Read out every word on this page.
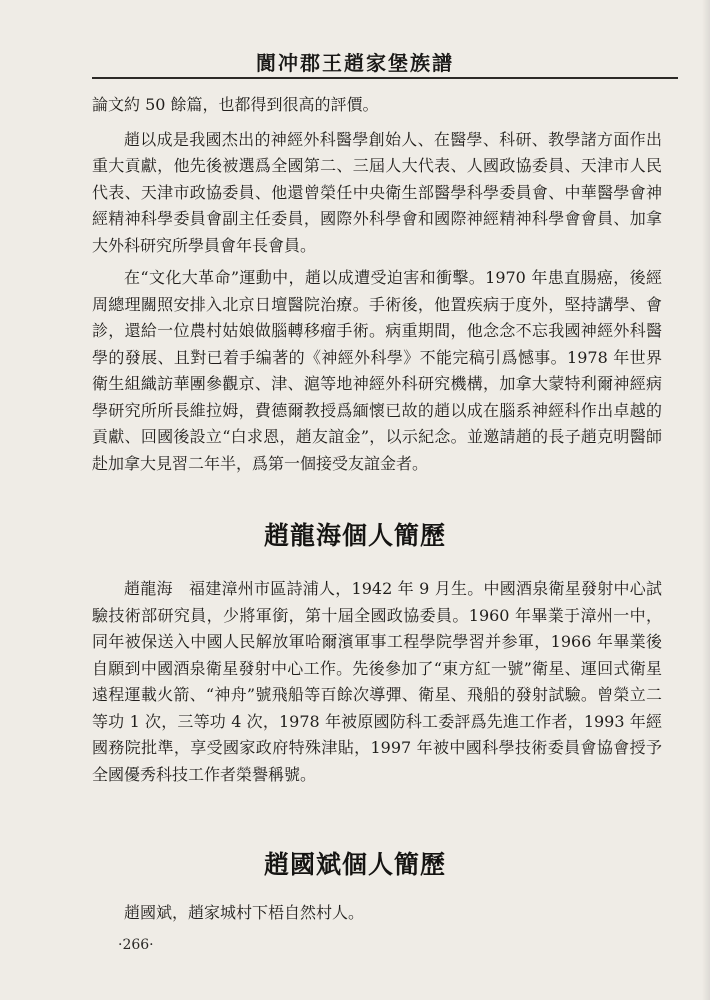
閬冲郡王趙家堡族譜

論文約 50 餘篇，也都得到很高的評價。

趙以成是我國杰出的神經外科醫學創始人、在醫學、科研、教學諸方面作出重大貢獻，他先後被選爲全國第二、三屆人大代表、人國政協委員、天津市人民代表、天津市政協委員、他還曾榮任中央衛生部醫學科學委員會、中華醫學會神經精神科學委員會副主任委員，國際外科學會和國際神經精神科學會會員、加拿大外科研究所學員會年長會員。

在“文化大革命”運動中，趙以成遭受迫害和衝擊。1970 年患直腸癌，後經周總理關照安排入北京日壇醫院治療。手術後，他置疾病于度外，堅持講學、會診，還給一位農村姑娘做腦轉移瘤手術。病重期間，他念念不忘我國神經外科醫學的發展、且對已着手编著的《神經外科學》不能完稿引爲憾事。1978 年世界衛生組織訪華團參觀京、津、滬等地神經外科研究機構，加拿大蒙特利爾神經病學研究所所長維拉姆，費德爾教授爲緬懷已故的趙以成在腦系神經科作出卓越的貢獻、回國後設立“白求恩，趙友誼金”，以示紀念。並邀請趙的長子趙克明醫師赴加拿大見習二年半，爲第一個接受友誼金者。

趙龍海個人簡歷

趙龍海　福建漳州市區詩浦人，1942 年 9 月生。中國酒泉衛星發射中心試驗技術部研究員，少將軍銜，第十屆全國政協委員。1960 年畢業于漳州一中，同年被保送入中國人民解放軍哈爾濱軍事工程學院學習并参軍，1966 年畢業後自願到中國酒泉衛星發射中心工作。先後參加了“東方紅一號”衛星、運回式衛星遠程運載火箭、“神舟”號飛船等百餘次導彈、衛星、飛船的發射試驗。曾榮立二等功 1 次，三等功 4 次，1978 年被原國防科工委評爲先進工作者，1993 年經國務院批準，享受國家政府特殊津貼，1997 年被中國科學技術委員會協會授予全國優秀科技工作者榮譽稱號。

趙國斌個人簡歷

趙國斌，趙家城村下梧自然村人。

·266·
